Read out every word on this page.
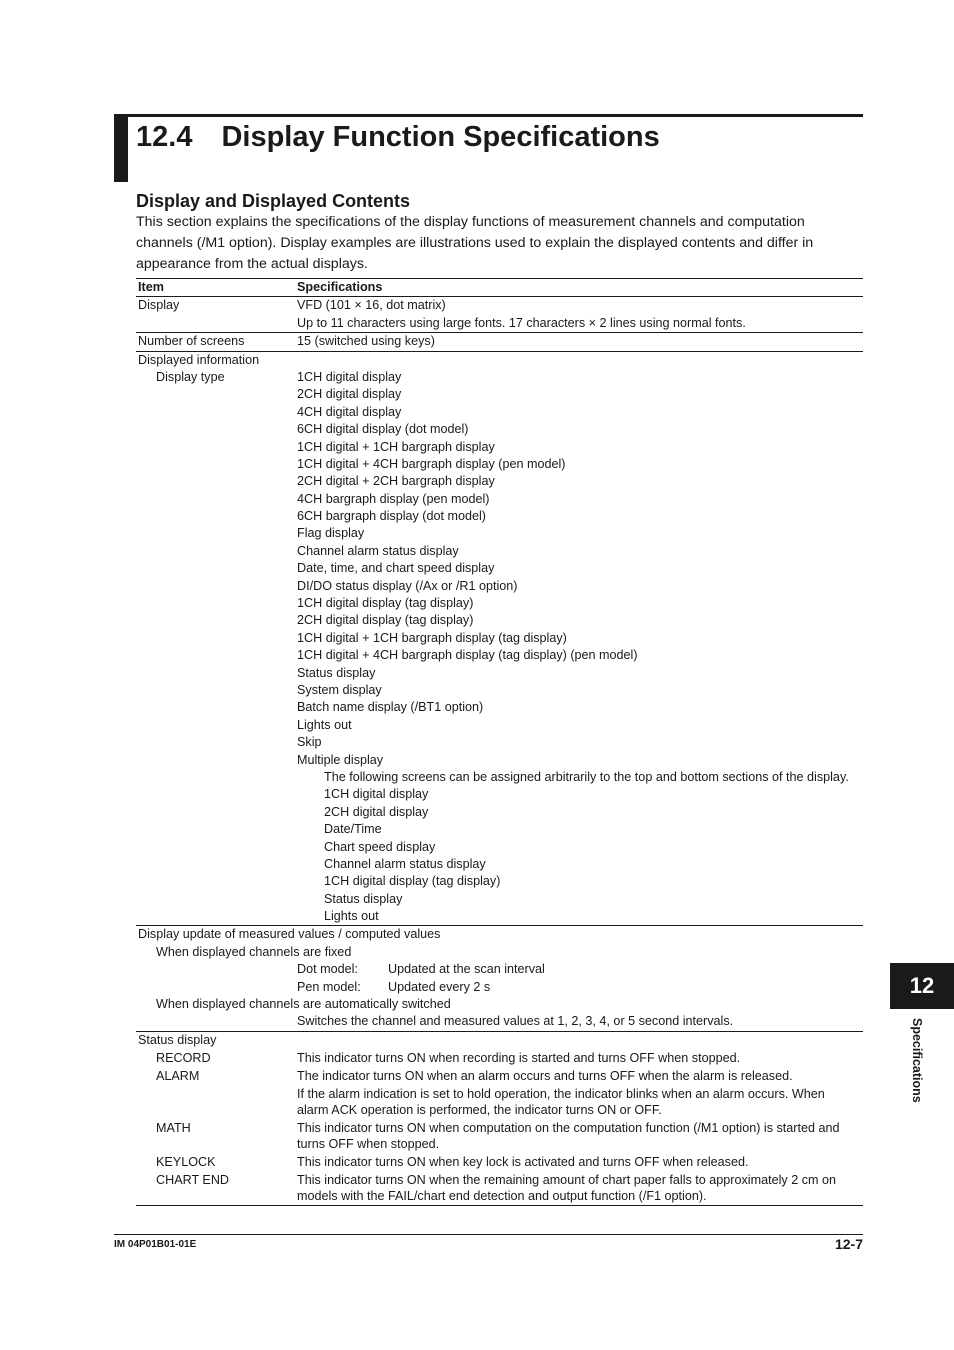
12.4 Display Function Specifications
Display and Displayed Contents
This section explains the specifications of the display functions of measurement channels and computation channels (/M1 option). Display examples are illustrations used to explain the displayed contents and differ in appearance from the actual displays.
Item	Specifications
Display	VFD (101 × 16, dot matrix)
Up to 11 characters using large fonts. 17 characters × 2 lines using normal fonts.
Number of screens	15 (switched using keys)
Displayed information
Display type	1CH digital display
2CH digital display
4CH digital display
6CH digital display (dot model)
1CH digital + 1CH bargraph display
1CH digital + 4CH bargraph display (pen model)
2CH digital + 2CH bargraph display
4CH bargraph display (pen model)
6CH bargraph display (dot model)
Flag display
Channel alarm status display
Date, time, and chart speed display
DI/DO status display (/Ax or /R1 option)
1CH digital display (tag display)
2CH digital display (tag display)
1CH digital + 1CH bargraph display (tag display)
1CH digital + 4CH bargraph display (tag display) (pen model)
Status display
System display
Batch name display (/BT1 option)
Lights out
Skip
Multiple display
The following screens can be assigned arbitrarily to the top and bottom sections of the display.
1CH digital display
2CH digital display
Date/Time
Chart speed display
Channel alarm status display
1CH digital display (tag display)
Status display
Lights out
Display update of measured values / computed values
When displayed channels are fixed
Dot model: Updated at the scan interval
Pen model: Updated every 2 s
When displayed channels are automatically switched
Switches the channel and measured values at 1, 2, 3, 4, or 5 second intervals.
Status display
RECORD	This indicator turns ON when recording is started and turns OFF when stopped.
ALARM	The indicator turns ON when an alarm occurs and turns OFF when the alarm is released.
If the alarm indication is set to hold operation, the indicator blinks when an alarm occurs. When alarm ACK operation is performed, the indicator turns ON or OFF.
MATH	This indicator turns ON when computation on the computation function (/M1 option) is started and turns OFF when stopped.
KEYLOCK	This indicator turns ON when key lock is activated and turns OFF when released.
CHART END	This indicator turns ON when the remaining amount of chart paper falls to approximately 2 cm on models with the FAIL/chart end detection and output function (/F1 option).
12
Specifications
IM 04P01B01-01E	12-7
